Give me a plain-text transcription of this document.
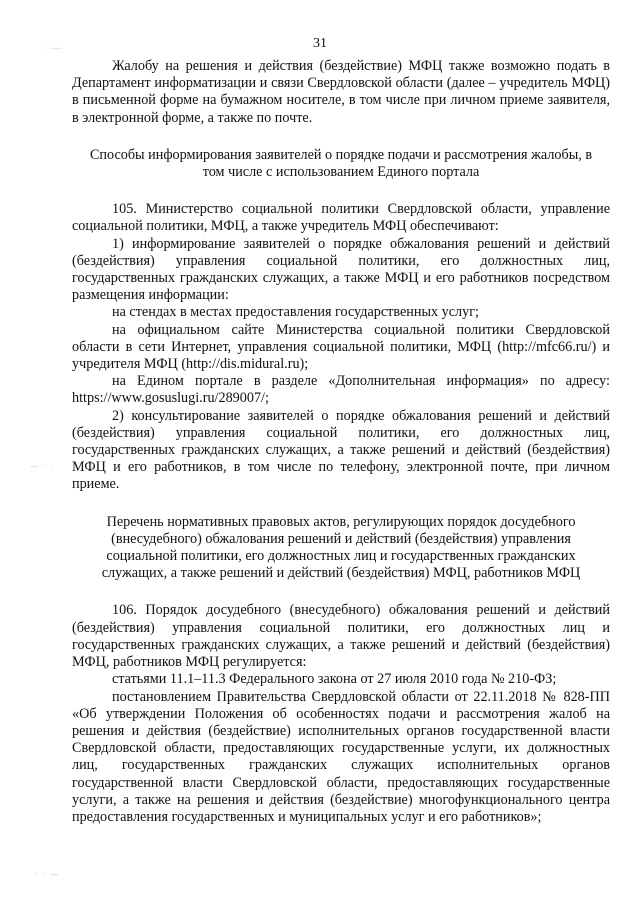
· ·—·
— · ·
· · —
31

Жалобу на решения и действия (бездействие) МФЦ также возможно подать в Департамент информатизации и связи Свердловской области (далее – учредитель МФЦ) в письменной форме на бумажном носителе, в том числе при личном приеме заявителя, в электронной форме, а также по почте.

Способы информирования заявителей о порядке подачи и рассмотрения жалобы, в том числе с использованием Единого портала

105. Министерство социальной политики Свердловской области, управление социальной политики, МФЦ, а также учредитель МФЦ обеспечивают:

1) информирование заявителей о порядке обжалования решений и действий (бездействия) управления социальной политики, его должностных лиц, государственных гражданских служащих, а также МФЦ и его работников посредством размещения информации:

на стендах в местах предоставления государственных услуг;

на официальном сайте Министерства социальной политики Свердловской области в сети Интернет, управления социальной политики, МФЦ (http://mfc66.ru/) и учредителя МФЦ (http://dis.midural.ru);

на Едином портале в разделе «Дополнительная информация» по адресу: https://www.gosuslugi.ru/289007/;

2) консультирование заявителей о порядке обжалования решений и действий (бездействия) управления социальной политики, его должностных лиц, государственных гражданских служащих, а также решений и действий (бездействия) МФЦ и его работников, в том числе по телефону, электронной почте, при личном приеме.

Перечень нормативных правовых актов, регулирующих порядок досудебного (внесудебного) обжалования решений и действий (бездействия) управления социальной политики, его должностных лиц и государственных гражданских служащих, а также решений и действий (бездействия) МФЦ, работников МФЦ

106. Порядок досудебного (внесудебного) обжалования решений и действий (бездействия) управления социальной политики, его должностных лиц и государственных гражданских служащих, а также решений и действий (бездействия) МФЦ, работников МФЦ регулируется:

статьями 11.1–11.3 Федерального закона от 27 июля 2010 года № 210-ФЗ;

постановлением Правительства Свердловской области от 22.11.2018 № 828-ПП «Об утверждении Положения об особенностях подачи и рассмотрения жалоб на решения и действия (бездействие) исполнительных органов государственной власти Свердловской области, предоставляющих государственные услуги, их должностных лиц, государственных гражданских служащих исполнительных органов государственной власти Свердловской области, предоставляющих государственные услуги, а также на решения и действия (бездействие) многофункционального центра предоставления государственных и муниципальных услуг и его работников»;
